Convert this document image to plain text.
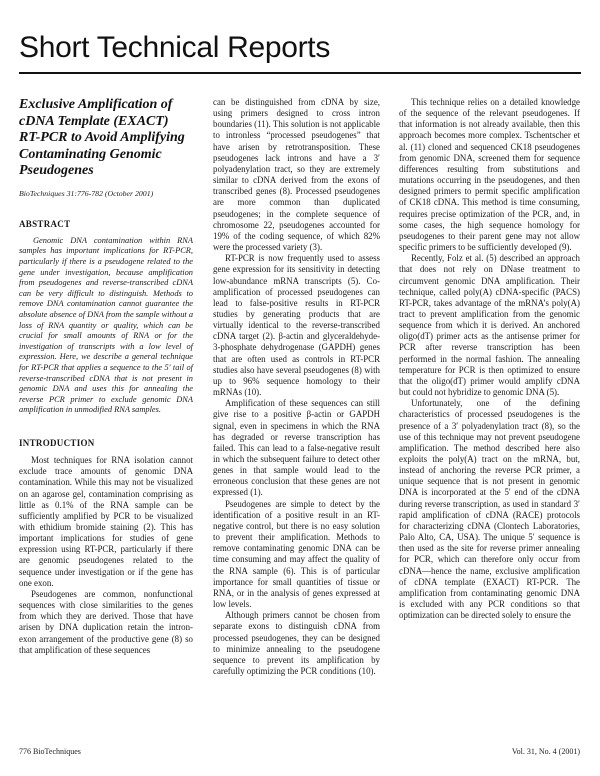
Short Technical Reports
Exclusive Amplification of cDNA Template (EXACT) RT-PCR to Avoid Amplifying Contaminating Genomic Pseudogenes
BioTechniques 31:776-782 (October 2001)
ABSTRACT

Genomic DNA contamination within RNA samples has important implications for RT-PCR, particularly if there is a pseudogene related to the gene under investigation, because amplification from pseudogenes and reverse-transcribed cDNA can be very difficult to distinguish. Methods to remove DNA contamination cannot guarantee the absolute absence of DNA from the sample without a loss of RNA quantity or quality, which can be crucial for small amounts of RNA or for the investigation of transcripts with a low level of expression. Here, we describe a general technique for RT-PCR that applies a sequence to the 5′ tail of reverse-transcribed cDNA that is not present in genomic DNA and uses this for annealing the reverse PCR primer to exclude genomic DNA amplification in unmodified RNA samples.

INTRODUCTION

Most techniques for RNA isolation cannot exclude trace amounts of genomic DNA contamination. While this may not be visualized on an agarose gel, contamination comprising as little as 0.1% of the RNA sample can be sufficiently amplified by PCR to be visualized with ethidium bromide staining (2). This has important implications for studies of gene expression using RT-PCR, particularly if there are genomic pseudogenes related to the sequence under investigation or if the gene has one exon.

Pseudogenes are common, nonfunctional sequences with close similarities to the genes from which they are derived. Those that have arisen by DNA duplication retain the intron-exon arrangement of the productive gene (8) so that amplification of these sequences

can be distinguished from cDNA by size, using primers designed to cross intron boundaries (11). This solution is not applicable to intronless “processed pseudogenes” that have arisen by retrotransposition. These pseudogenes lack introns and have a 3′ polyadenylation tract, so they are extremely similar to cDNA derived from the exons of transcribed genes (8). Processed pseudogenes are more common than duplicated pseudogenes; in the complete sequence of chromosome 22, pseudogenes accounted for 19% of the coding sequence, of which 82% were the processed variety (3).

RT-PCR is now frequently used to assess gene expression for its sensitivity in detecting low-abundance mRNA transcripts (5). Co-amplification of processed pseudogenes can lead to false-positive results in RT-PCR studies by generating products that are virtually identical to the reverse-transcribed cDNA target (2). β-actin and glyceraldehyde-3-phosphate dehydrogenase (GAPDH) genes that are often used as controls in RT-PCR studies also have several pseudogenes (8) with up to 96% sequence homology to their mRNAs (10).

Amplification of these sequences can still give rise to a positive β-actin or GAPDH signal, even in specimens in which the RNA has degraded or reverse transcription has failed. This can lead to a false-negative result in which the subsequent failure to detect other genes in that sample would lead to the erroneous conclusion that these genes are not expressed (1).

Pseudogenes are simple to detect by the identification of a positive result in an RT-negative control, but there is no easy solution to prevent their amplification. Methods to remove contaminating genomic DNA can be time consuming and may affect the quality of the RNA sample (6). This is of particular importance for small quantities of tissue or RNA, or in the analysis of genes expressed at low levels.

Although primers cannot be chosen from separate exons to distinguish cDNA from processed pseudogenes, they can be designed to minimize annealing to the pseudogene sequence to prevent its amplification by carefully optimizing the PCR conditions (10).

This technique relies on a detailed knowledge of the sequence of the relevant pseudogenes. If that information is not already available, then this approach becomes more complex. Tschentscher et al. (11) cloned and sequenced CK18 pseudogenes from genomic DNA, screened them for sequence differences resulting from substitutions and mutations occurring in the pseudogenes, and then designed primers to permit specific amplification of CK18 cDNA. This method is time consuming, requires precise optimization of the PCR, and, in some cases, the high sequence homology for pseudogenes to their parent gene may not allow specific primers to be sufficiently developed (9).

Recently, Folz et al. (5) described an approach that does not rely on DNase treatment to circumvent genomic DNA amplification. Their technique, called poly(A) cDNA-specific (PACS) RT-PCR, takes advantage of the mRNA’s poly(A) tract to prevent amplification from the genomic sequence from which it is derived. An anchored oligo(dT) primer acts as the antisense primer for PCR after reverse transcription has been performed in the normal fashion. The annealing temperature for PCR is then optimized to ensure that the oligo(dT) primer would amplify cDNA but could not hybridize to genomic DNA (5).

Unfortunately, one of the defining characteristics of processed pseudogenes is the presence of a 3′ polyadenylation tract (8), so the use of this technique may not prevent pseudogene amplification. The method described here also exploits the poly(A) tract on the mRNA, but, instead of anchoring the reverse PCR primer, a unique sequence that is not present in genomic DNA is incorporated at the 5′ end of the cDNA during reverse transcription, as used in standard 3′ rapid amplification of cDNA (RACE) protocols for characterizing cDNA (Clontech Laboratories, Palo Alto, CA, USA). The unique 5′ sequence is then used as the site for reverse primer annealing for PCR, which can therefore only occur from cDNA—hence the name, exclusive amplification of cDNA template (EXACT) RT-PCR. The amplification from contaminating genomic DNA is excluded with any PCR conditions so that optimization can be directed solely to ensure the

776 BioTechniques	Vol. 31, No. 4 (2001)
